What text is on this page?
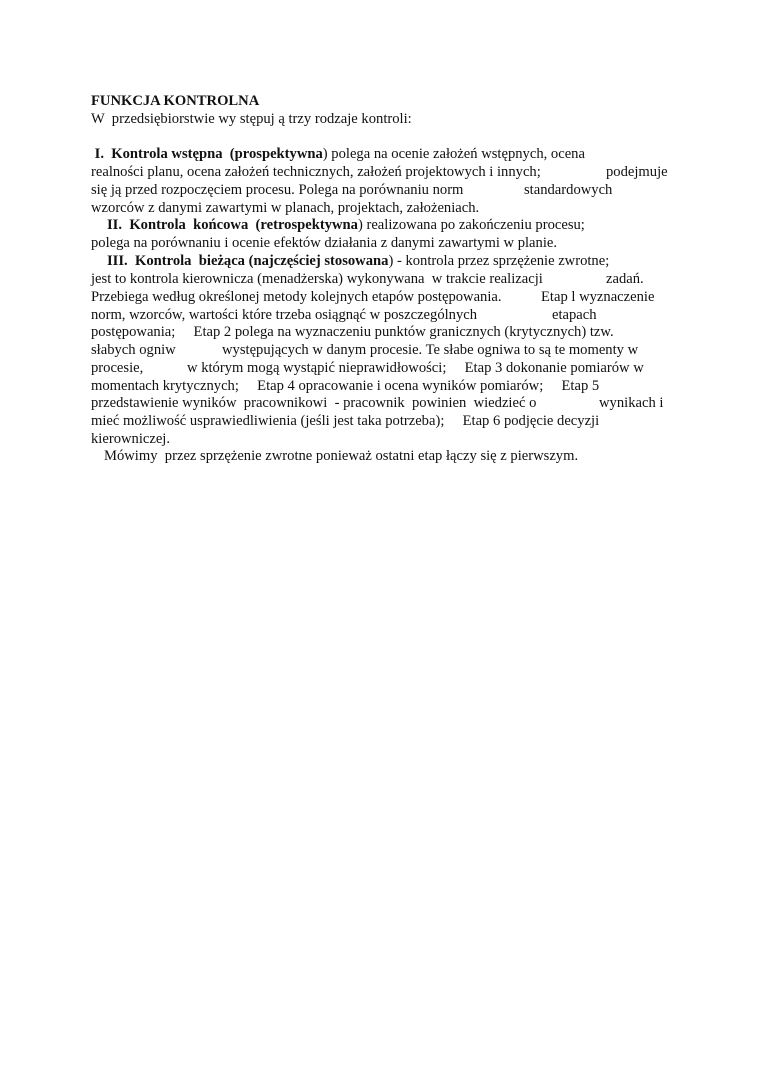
FUNKCJA KONTROLNA
W  przedsiębiorstwie wy stępuj ą trzy rodzaje kontroli:
I. Kontrola wstępna  (prospektywna) polega na ocenie założeń wstępnych, ocena
realności planu, ocena założeń technicznych, założeń projektowych i innych;	podejmuje
się ją przed rozpoczęciem procesu. Polega na porównaniu norm	standardowych
wzorców z danymi zawartymi w planach, projektach, założeniach.
II. Kontrola  końcowa  (retrospektywna) realizowana po zakończeniu procesu;
polega na porównaniu i ocenie efektów działania z danymi zawartymi w planie.
III. Kontrola  bieżąca (najczęściej stosowana) - kontrola przez sprzężenie zwrotne;
jest to kontrola kierownicza (menadżerska) wykonywana  w trakcie realizacji	zadań.
Przebiega według określonej metody kolejnych etapów postępowania.	Etap l wyznaczenie
norm, wzorców, wartości które trzeba osiągnąć w poszczególnych	etapach
postępowania;     Etap 2 polega na wyznaczeniu punktów granicznych (krytycznych) tzw.
słabych ogniw	występujących w danym procesie. Te słabe ogniwa to są te momenty w
procesie,	w którym mogą wystąpić nieprawidłowości;     Etap 3 dokonanie pomiarów w
momentach krytycznych;     Etap 4 opracowanie i ocena wyników pomiarów;     Etap 5
przedstawienie wyników  pracownikowi  - pracownik  powinien  wiedzieć o	wynikach i
mieć możliwość usprawiedliwienia (jeśli jest taka potrzeba);     Etap 6 podjęcie decyzji
kierowniczej.
Mówimy  przez sprzężenie zwrotne ponieważ ostatni etap łączy się z pierwszym.
